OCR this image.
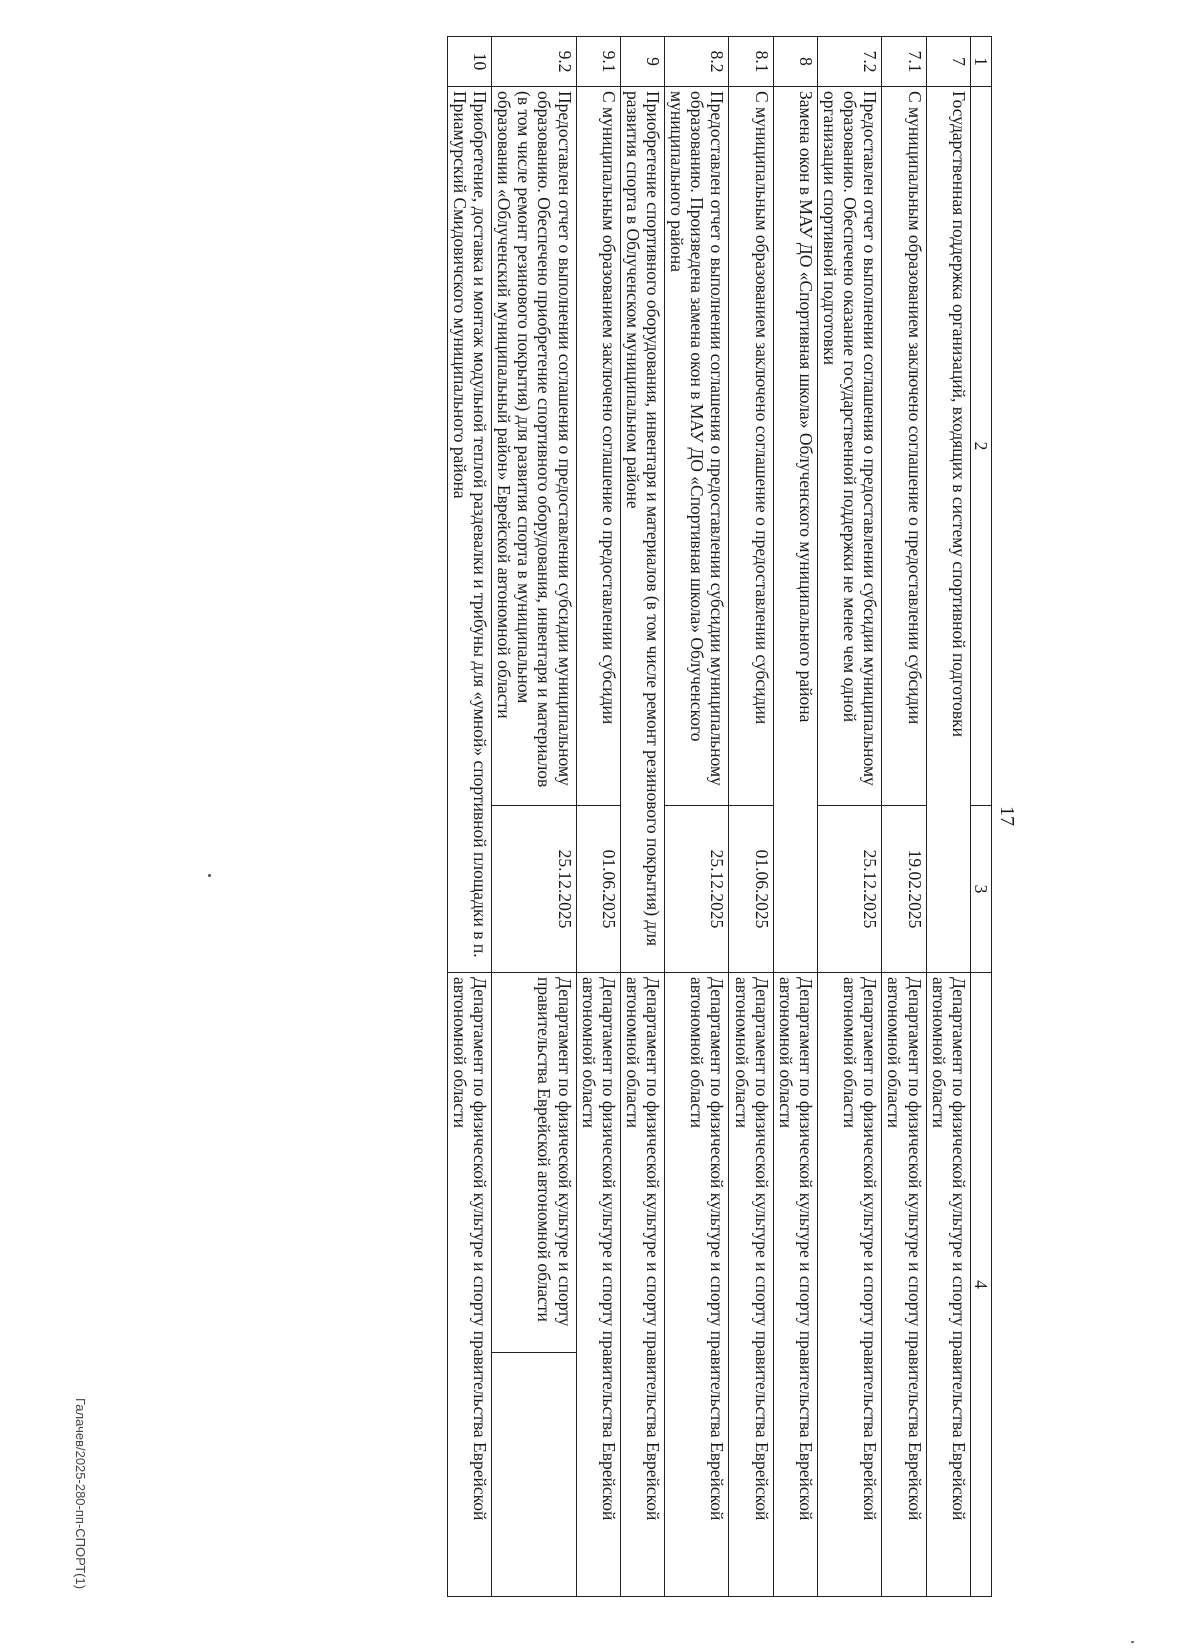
17
1	2	3	4	
7	Государственная поддержка организаций, входящих в систему спортивной подготовки		Департамент по физической культуре и спорту правительства Еврейской автономной области	
7.1	С муниципальным образованием заключено соглашение о предоставлении субсидии	19.02.2025	Департамент по физической культуре и спорту правительства Еврейской автономной области	
7.2	Предоставлен отчет о выполнении соглашения о предоставлении субсидии муниципальному образованию. Обеспечено оказание государственной поддержки не менее чем одной организации спортивной подготовки	25.12.2025	Департамент по физической культуре и спорту правительства Еврейской автономной области	
8	Замена окон в МАУ ДО «Спортивная школа» Облученского муниципального района		Департамент по физической культуре и спорту правительства Еврейской автономной области	
8.1	С муниципальным образованием заключено соглашение о предоставлении субсидии	01.06.2025	Департамент по физической культуре и спорту правительства Еврейской автономной области	
8.2	Предоставлен отчет о выполнении соглашения о предоставлении субсидии муниципальному образованию. Произведена замена окон в МАУ ДО «Спортивная школа» Облученского муниципального района	25.12.2025	Департамент по физической культуре и спорту правительства Еврейской автономной области	
9	Приобретение спортивного оборудования, инвентаря и материалов (в том числе ремонт резинового покрытия) для развития спорта в Облученском муниципальном районе		Департамент по физической культуре и спорту правительства Еврейской автономной области	
9.1	С муниципальным образованием заключено соглашение о предоставлении субсидии	01.06.2025	Департамент по физической культуре и спорту правительства Еврейской автономной области	
9.2	Предоставлен отчет о выполнении соглашения о предоставлении субсидии муниципальному образованию. Обеспечено приобретение спортивного оборудования, инвентаря и материалов (в том числе ремонт резинового покрытия) для развития спорта в муниципальном образовании «Облученский муниципальный район» Еврейской автономной области	25.12.2025	Департамент по физической культуре и спорту правительства Еврейской автономной области	
10	Приобретение, доставка и монтаж модульной теплой раздевалки и трибуны для «умной» спортивной площадки в п. Приамурский Смидовичского муниципального района		Департамент по физической культуре и спорту правительства Еврейской автономной области	
Галачев/2025-280-пп-СПОРТ(1)
